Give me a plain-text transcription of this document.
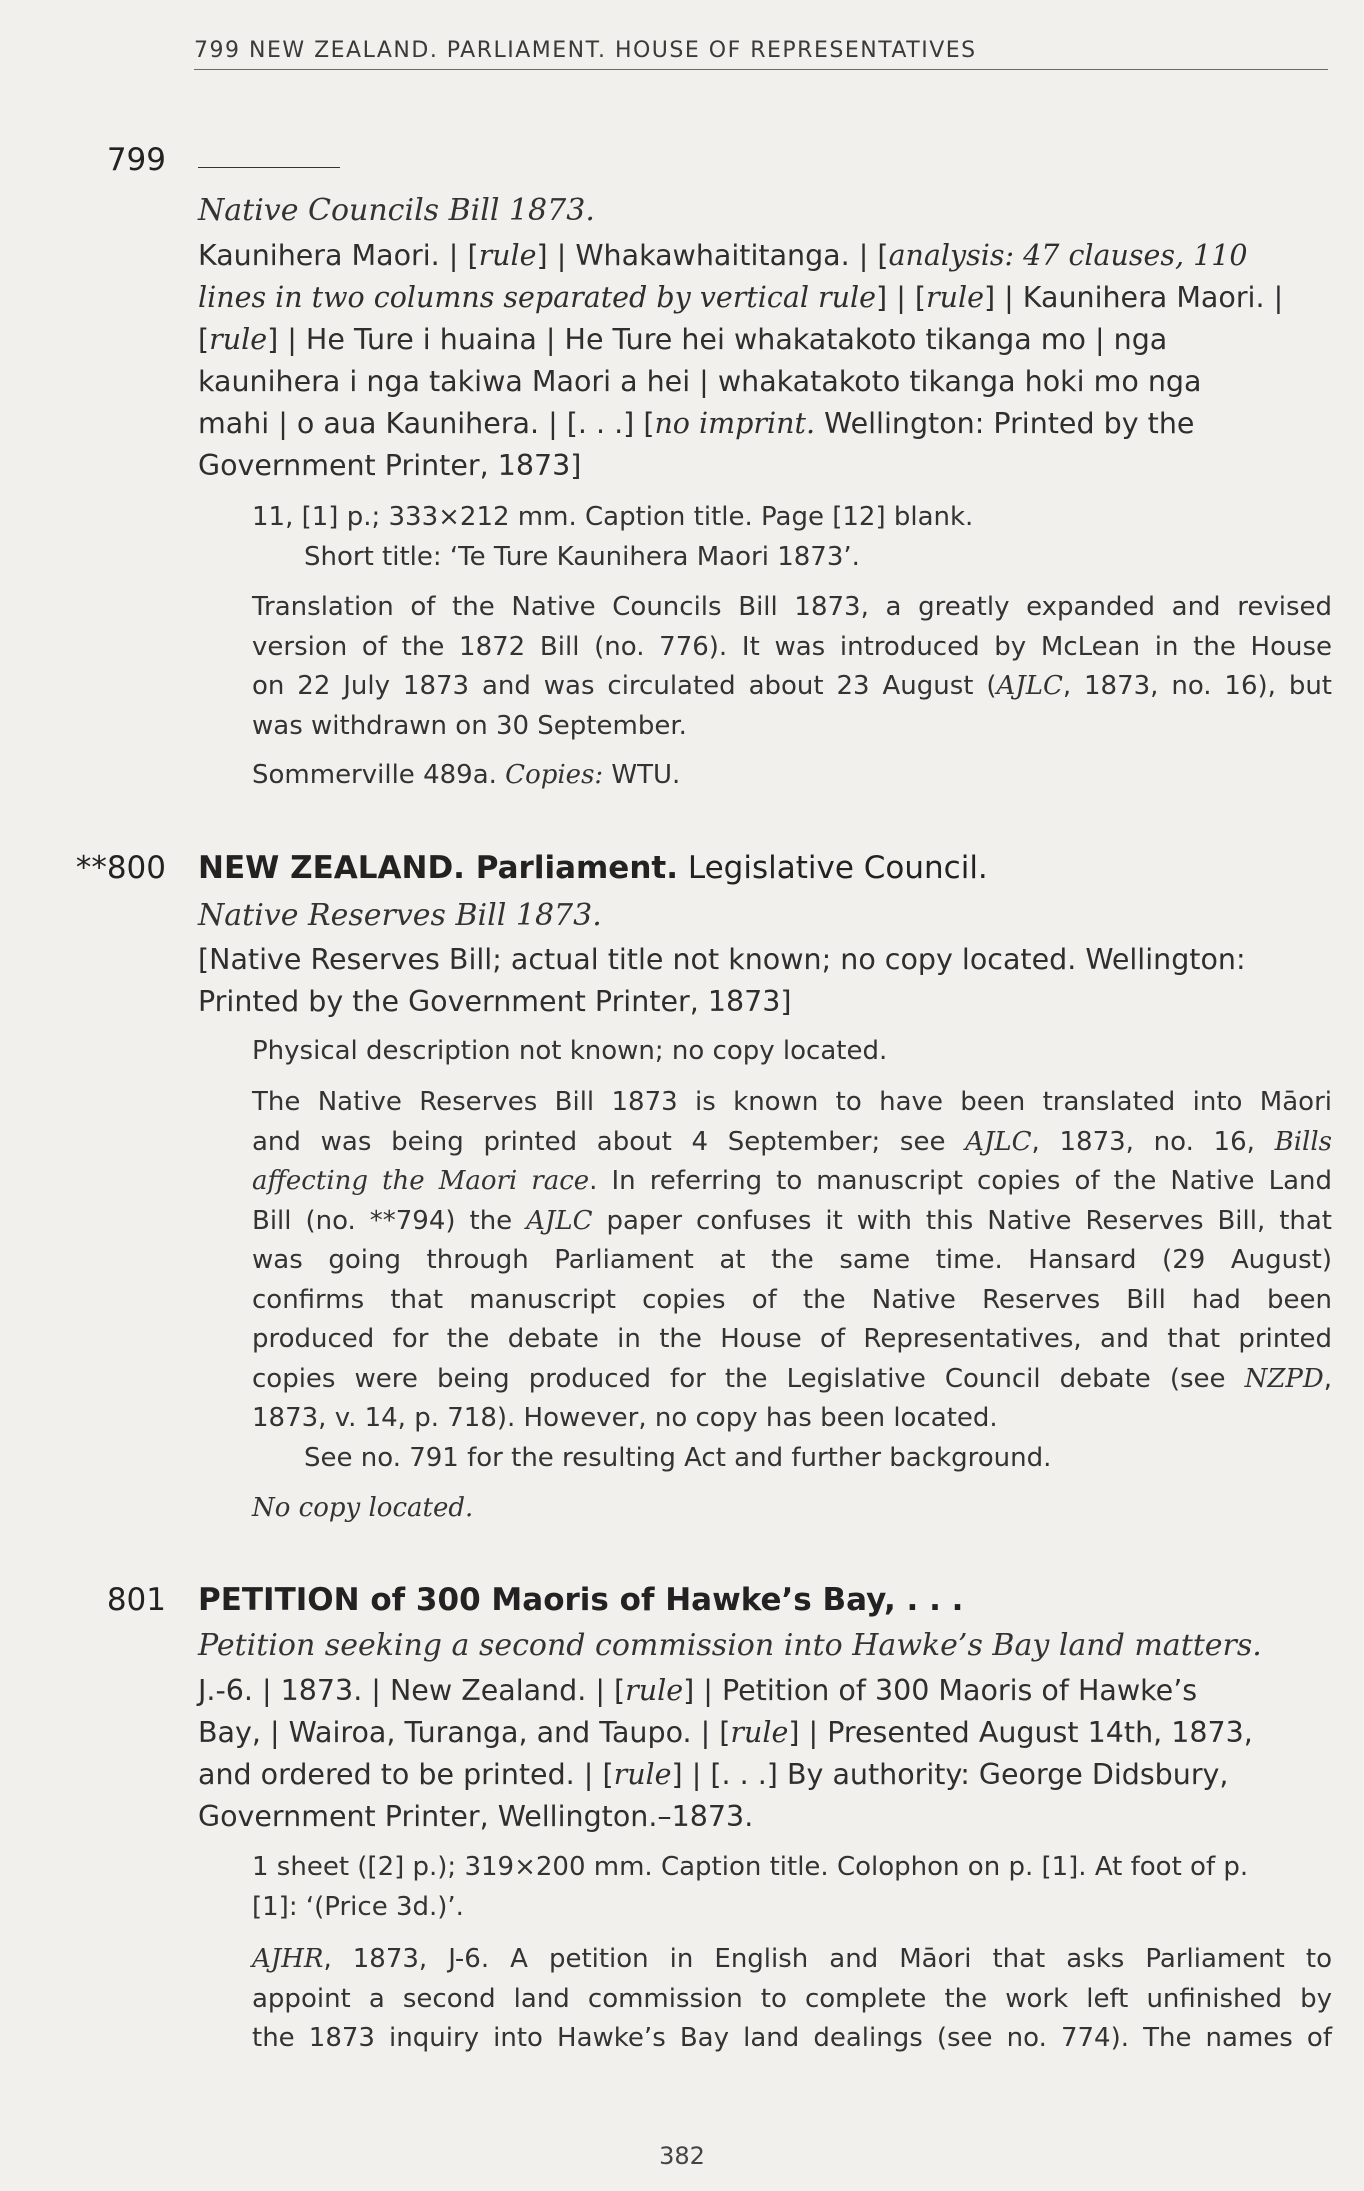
799 NEW ZEALAND. PARLIAMENT. HOUSE OF REPRESENTATIVES
799
Native Councils Bill 1873.
Kaunihera Maori. | [rule] | Whakawhaititanga. | [analysis: 47 clauses, 110
lines in two columns separated by vertical rule] | [rule] | Kaunihera Maori. |
[rule] | He Ture i huaina | He Ture hei whakatakoto tikanga mo | nga
kaunihera i nga takiwa Maori a hei | whakatakoto tikanga hoki mo nga
mahi | o aua Kaunihera. | [. . .] [no imprint. Wellington: Printed by the
Government Printer, 1873]
11, [1] p.; 333×212 mm. Caption title. Page [12] blank.
Short title: ‘Te Ture Kaunihera Maori 1873’.
Translation of the Native Councils Bill 1873, a greatly expanded and revised
version of the 1872 Bill (no. 776). It was introduced by McLean in the House
on 22 July 1873 and was circulated about 23 August (AJLC, 1873, no. 16), but
was withdrawn on 30 September.
Sommerville 489a. Copies: WTU.
**800 NEW ZEALAND. Parliament. Legislative Council.
Native Reserves Bill 1873.
[Native Reserves Bill; actual title not known; no copy located. Wellington:
Printed by the Government Printer, 1873]
Physical description not known; no copy located.
The Native Reserves Bill 1873 is known to have been translated into Māori
and was being printed about 4 September; see AJLC, 1873, no. 16, Bills
affecting the Maori race. In referring to manuscript copies of the Native Land
Bill (no. **794) the AJLC paper confuses it with this Native Reserves Bill, that
was going through Parliament at the same time. Hansard (29 August)
confirms that manuscript copies of the Native Reserves Bill had been
produced for the debate in the House of Representatives, and that printed
copies were being produced for the Legislative Council debate (see NZPD,
1873, v. 14, p. 718). However, no copy has been located.
See no. 791 for the resulting Act and further background.
No copy located.
801 PETITION of 300 Maoris of Hawke’s Bay, . . .
Petition seeking a second commission into Hawke’s Bay land matters.
J.-6. | 1873. | New Zealand. | [rule] | Petition of 300 Maoris of Hawke’s
Bay, | Wairoa, Turanga, and Taupo. | [rule] | Presented August 14th, 1873,
and ordered to be printed. | [rule] | [. . .] By authority: George Didsbury,
Government Printer, Wellington.–1873.
1 sheet ([2] p.); 319×200 mm. Caption title. Colophon on p. [1]. At foot of p.
[1]: ‘(Price 3d.)’.
AJHR, 1873, J-6. A petition in English and Māori that asks Parliament to
appoint a second land commission to complete the work left unfinished by
the 1873 inquiry into Hawke’s Bay land dealings (see no. 774). The names of
382
